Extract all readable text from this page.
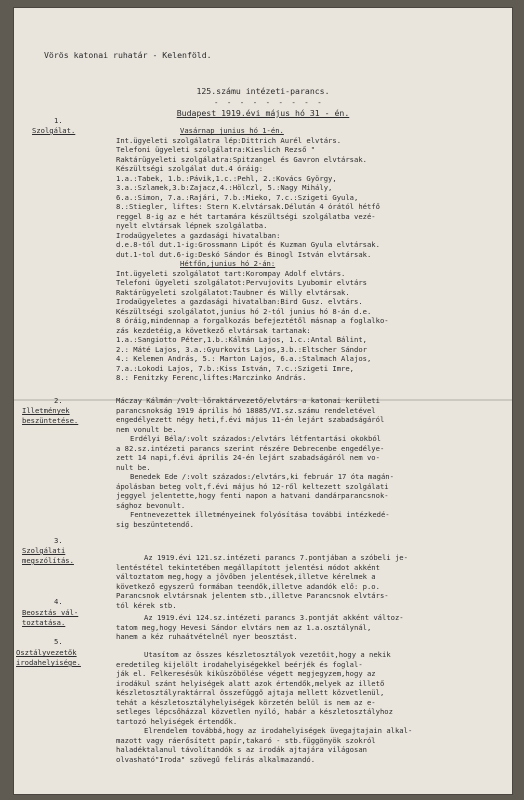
Vörös katonai ruhatár - Kelenföld.
125.számu intézeti-parancs.
- - - - - - - - -
Budapest 1919.évi május hó 31 - én.
1.
Szolgálat.
2.
Illetmények
beszüntetése.
3.
Szolgálati
megszólítás.
4.
Beosztás vál-
toztatása.
5.
Osztályvezetők
irodahelyisége.
Vasárnap junius hó 1-én.
Int.ügyeleti szolgálatra lép:Dittrich Aurél elvtárs.
Telefoni ügyeleti szolgálatra:Kieslich Rezső "
Raktárügyeleti szolgálatra:Spitzangel és Gavron elvtársak.
Készültségi szolgálat dut.4 óráig:
1.a.:Tabek, 1.b.:Pávik,1.c.:Pehl, 2.:Kovács György,
3.a.:Szlamek,3.b:Zajacz,4.:Hölczl, 5.:Nagy Mihály,
6.a.:Simon, 7.a.:Rajári, 7.b.:Mieko, 7.c.:Szigeti Gyula,
8.:Stiegler, liftes: Stern K.elvtársak.Délután 4 órától hétfő
reggel 8-ig az e hét tartamára készültségi szolgálatba vezé-
nyelt elvtársak lépnek szolgálatba.
Irodaügyeletes a gazdasági hivatalban:
d.e.8-tól dut.1-ig:Grossmann Lipót és Kuzman Gyula elvtársak.
dut.1-tol dut.6-ig:Deskó Sándor és Binogl István elvtársak.
Hétfőn,junius hó 2-án:
Int.ügyeleti szolgálatot tart:Korompay Adolf elvtárs.
Telefoni ügyeleti szolgálatot:Pervujovits Lyubomir elvtárs
Raktárügyeleti szolgálatot:Taubner és Willy elvtársak.
Irodaügyeletes a gazdasági hivatalban:Bird Gusz. elvtárs.
Készültségi szolgálatot,junius hó 2-tól junius hó 8-án d.e.
8 óráig,mindennap a forgalkozás befejeztétől másnap a foglalko-
zás kezdetéig,a következő elvtársak tartanak:
1.a.:Sangiotto Péter,1.b.:Kálmán Lajos, 1.c.:Antal Bálint,
2.: Máté Lajos, 3.a.:Gyurkovits Lajos,3.b.:Eltscher Sándor
4.: Kelemen András, 5.: Marton Lajos, 6.a.:Stalmach Alajos,
7.a.:Lokodi Lajos, 7.b.:Kiss István, 7.c.:Szigeti Imre,
8.: Fenitzky Ferenc,liftes:Marczinko András.
Máczay Kálmán /volt lőraktárvezető/elvtárs a katonai kerületi
parancsnokság 1919 április hó 18885/VI.sz.számu rendeletével
engedélyezett négy heti,f.évi május 11-én lejárt szabadságáról
nem vonult be.
Erdélyi Béla/:volt százados:/elvtárs létfentartási okokból
a 82.sz.intézeti parancs szerint részére Debrecenbe engedélye-
zett 14 napi,f.évi április 24-én lejárt szabadságáról nem vo-
nult be.
Benedek Ede /:volt százados:/elvtárs,ki február 17 óta magán-
ápolásban beteg volt,f.évi május hó 12-ről keltezett szolgálati
jeggyel jelentette,hogy fenti napon a hatvani dandárparancsnok-
sághoz bevonult.
Fentnevezettek illetményeinek folyósítása további intézkedé-
sig beszüntetendő.
Az 1919.évi 121.sz.intézeti parancs 7.pontjában a szóbeli je-
lentéstétel tekintetében megállapított jelentési módot akként
változtatom meg,hogy a jövőben jelentések,illetve kérelmek a
következő egyszerű formában teendők,illetve adandók elő: p.o.
Parancsnok elvtársnak jelentem stb.,illetve Parancsnok elvtárs-
tól kérek stb.
Az 1919.évi 124.sz.intézeti parancs 3.pontját akként változ-
tatom meg,hogy Hevesi Sándor elvtárs nem az 1.a.osztálynál,
hanem a kéz ruhaátvételnél nyer beosztást.
Utasítom az összes készletosztályok vezetőit,hogy a nekik
eredetileg kijelölt irodahelyiségekkel beérjék és foglal-
ják el. Felkeresésük kiküszöbölése végett megjegyzem,hogy az
irodákul szánt helyiségek alatt azok értendők,melyek az illető
készletosztályraktárral összefüggő ajtaja mellett közvetlenül,
tehát a készletosztályhelyiségek körzetén belül is nem az e-
setleges lépcsőházzal közvetlen nyíló, habár a készletosztályhoz
tartozó helyiségek értendők.
Elrendelem továbbá,hogy az irodahelyiségek üvegajtajain alkal-
mazott vagy ráerősített papír,takaró - stb.függönyök szokról
haladéktalanul távolítandók s az irodák ajtajára világosan
olvasható"Iroda" szövegű felirás alkalmazandó.
